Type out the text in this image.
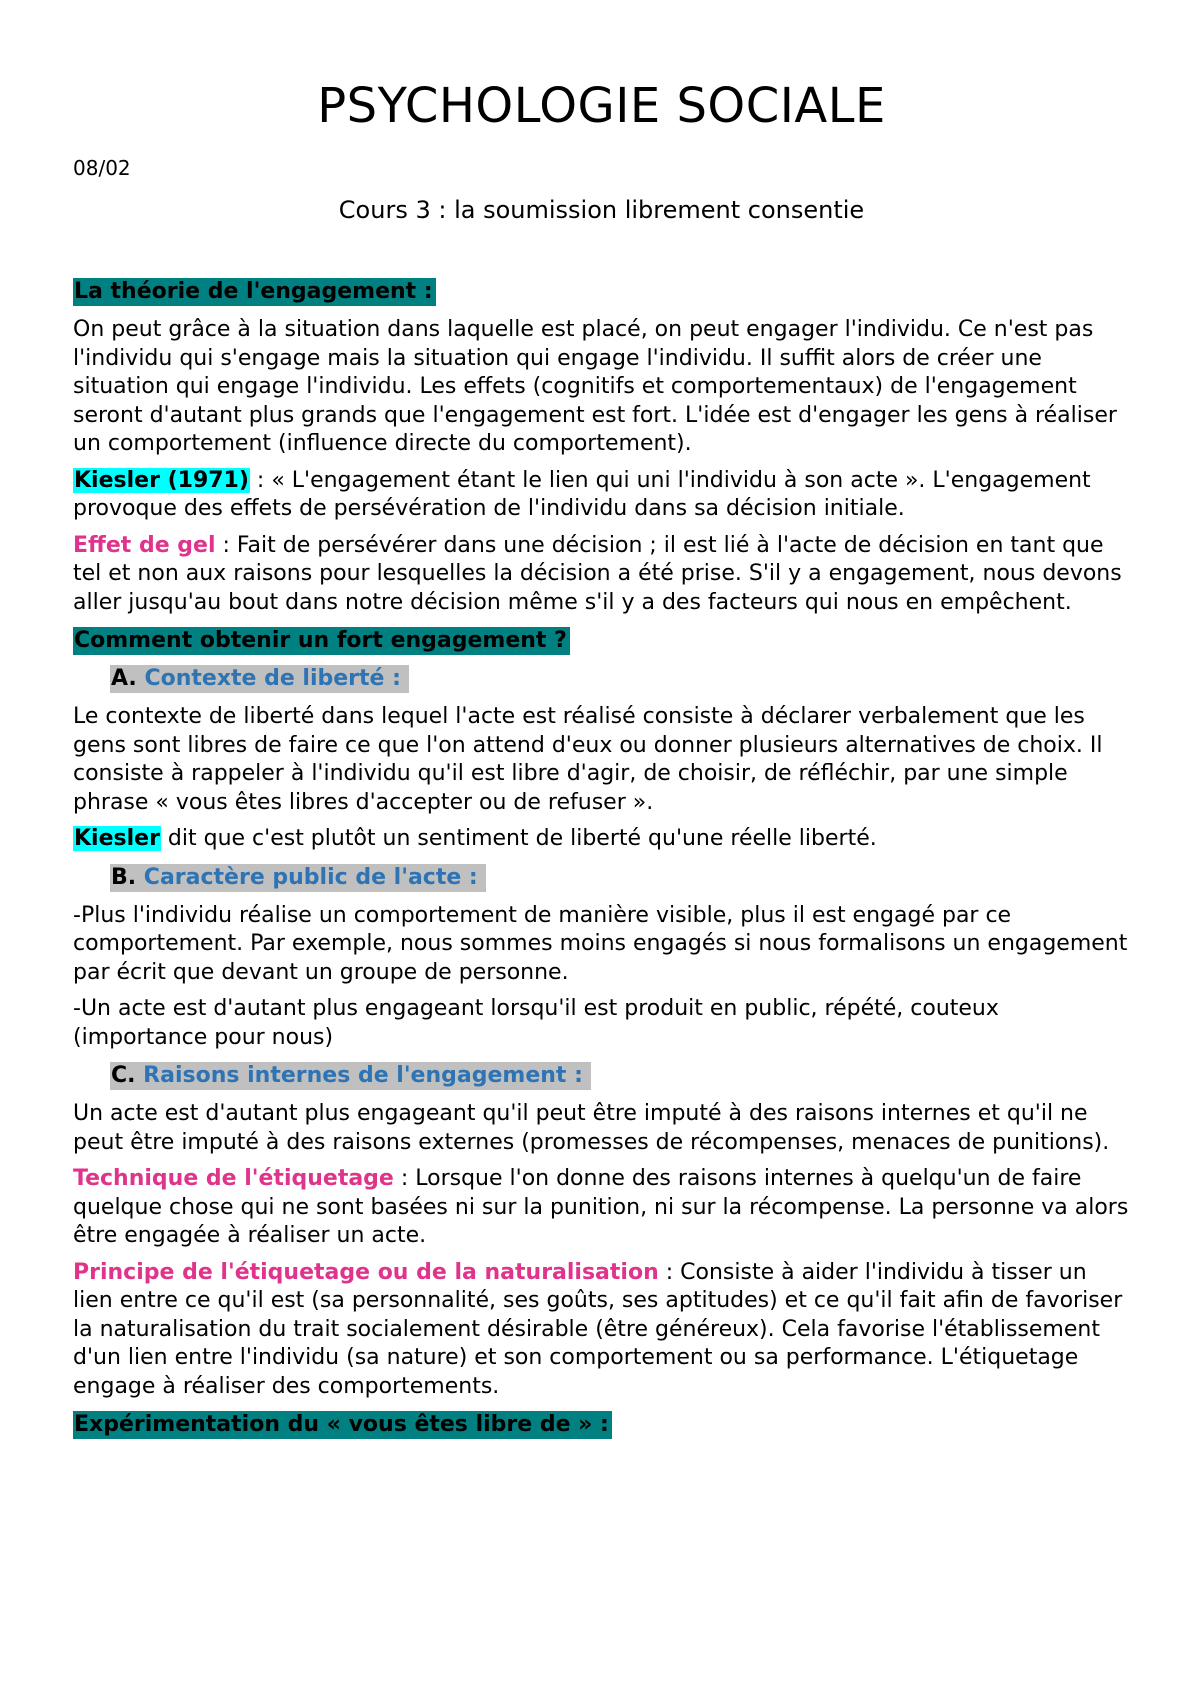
PSYCHOLOGIE SOCIALE
08/02
Cours 3 : la soumission librement consentie
La théorie de l'engagement :

On peut grâce à la situation dans laquelle est placé, on peut engager l'individu. Ce n'est pas l'individu qui s'engage mais la situation qui engage l'individu. Il suffit alors de créer une situation qui engage l'individu. Les effets (cognitifs et comportementaux) de l'engagement seront d'autant plus grands que l'engagement est fort. L'idée est d'engager les gens à réaliser un comportement (influence directe du comportement).

Kiesler (1971) : « L'engagement étant le lien qui uni l'individu à son acte ». L'engagement provoque des effets de persévération de l'individu dans sa décision initiale.

Effet de gel : Fait de persévérer dans une décision ; il est lié à l'acte de décision en tant que tel et non aux raisons pour lesquelles la décision a été prise. S'il y a engagement, nous devons aller jusqu'au bout dans notre décision même s'il y a des facteurs qui nous en empêchent.

Comment obtenir un fort engagement ?
A. Contexte de liberté :

Le contexte de liberté dans lequel l'acte est réalisé consiste à déclarer verbalement que les gens sont libres de faire ce que l'on attend d'eux ou donner plusieurs alternatives de choix. Il consiste à rappeler à l'individu qu'il est libre d'agir, de choisir, de réfléchir, par une simple phrase « vous êtes libres d'accepter ou de refuser ».

Kiesler dit que c'est plutôt un sentiment de liberté qu'une réelle liberté.

B. Caractère public de l'acte :

-Plus l'individu réalise un comportement de manière visible, plus il est engagé par ce comportement. Par exemple, nous sommes moins engagés si nous formalisons un engagement par écrit que devant un groupe de personne.

-Un acte est d'autant plus engageant lorsqu'il est produit en public, répété, couteux (importance pour nous)

C. Raisons internes de l'engagement :

Un acte est d'autant plus engageant qu'il peut être imputé à des raisons internes et qu'il ne peut être imputé à des raisons externes (promesses de récompenses, menaces de punitions).

Technique de l'étiquetage : Lorsque l'on donne des raisons internes à quelqu'un de faire quelque chose qui ne sont basées ni sur la punition, ni sur la récompense. La personne va alors être engagée à réaliser un acte.

Principe de l'étiquetage ou de la naturalisation : Consiste à aider l'individu à tisser un lien entre ce qu'il est (sa personnalité, ses goûts, ses aptitudes) et ce qu'il fait afin de favoriser la naturalisation du trait socialement désirable (être généreux). Cela favorise l'établissement d'un lien entre l'individu (sa nature) et son comportement ou sa performance. L'étiquetage engage à réaliser des comportements.

Expérimentation du « vous êtes libre de » :
